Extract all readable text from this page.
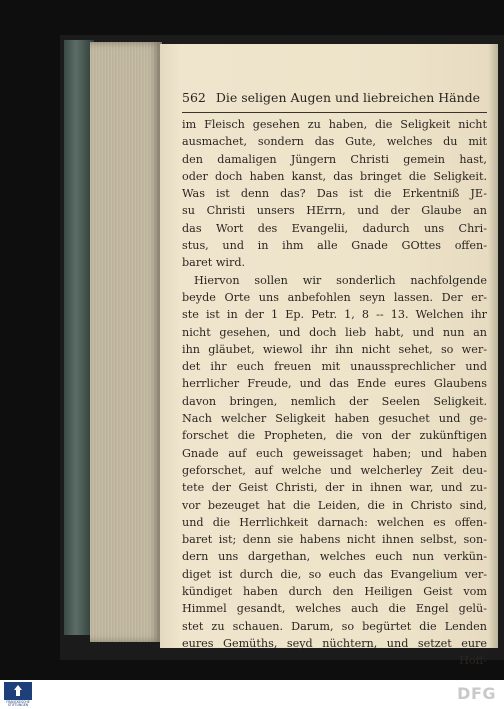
562 Die seligen Augen und liebreichen Hände
im Fleisch gesehen zu haben, die Seligkeit nicht
ausmachet, sondern das Gute, welches du mit
den damaligen Jüngern Christi gemein hast,
oder doch haben kanst, das bringet die Seligkeit.
Was ist denn das? Das ist die Erkentniß JE-
su Christi unsers HErrn, und der Glaube an
das Wort des Evangelii, dadurch uns Chri-
stus, und in ihm alle Gnade GOttes offen-
baret wird.
Hiervon sollen wir sonderlich nachfolgende
beyde Orte uns anbefohlen seyn lassen. Der er-
ste ist in der 1 Ep. Petr. 1, 8 -- 13. Welchen ihr
nicht gesehen, und doch lieb habt, und nun an
ihn gläubet, wiewol ihr ihn nicht sehet, so wer-
det ihr euch freuen mit unaussprechlicher und
herrlicher Freude, und das Ende eures Glaubens
davon bringen, nemlich der Seelen Seligkeit.
Nach welcher Seligkeit haben gesuchet und ge-
forschet die Propheten, die von der zukünftigen
Gnade auf euch geweissaget haben; und haben
geforschet, auf welche und welcherley Zeit deu-
tete der Geist Christi, der in ihnen war, und zu-
vor bezeuget hat die Leiden, die in Christo sind,
und die Herrlichkeit darnach: welchen es offen-
baret ist; denn sie habens nicht ihnen selbst, son-
dern uns dargethan, welches euch nun verkün-
diget ist durch die, so euch das Evangelium ver-
kündiget haben durch den Heiligen Geist vom
Himmel gesandt, welches auch die Engel gelü-
stet zu schauen. Darum, so begürtet die Lenden
eures Gemüths, seyd nüchtern, und setzet eure
Hoff-
FRANCKESCHE STIFTUNGEN
DFG
